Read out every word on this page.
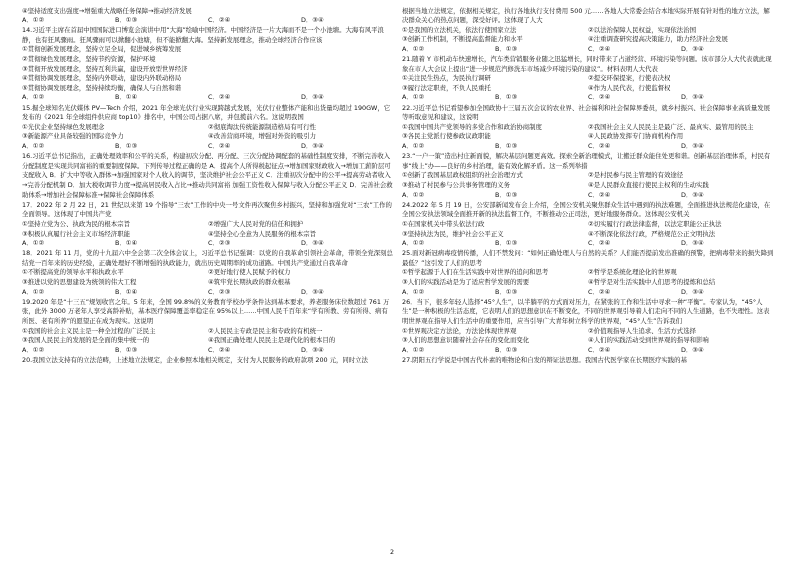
④坚持适度支出强度→增强重大战略任务保障→推动经济发展

A．①②	B．①③	C．②④	D．③④

14.习近平主席在首届中国国际进口博览会演讲中用“大海”绘喻中国经济。中国经济是一片大海而不是一个小池塘。大海有风平浪静，也有狂风骤雨。狂风骤雨可以掀翻小池塘，但不能掀翻大海。坚持新发展理念，推动全球经济合作应该

①贯彻创新发展理念，坚持立足全局，促进城乡统筹发展

②贯彻绿色发展理念，坚持节约资源，保护环境

③贯彻开放发展理念，坚持互利共赢，建设开放型世界经济

④贯彻协调发展理念，坚持内外联动，建设内外联动格局

⑤贯彻协调发展理念，坚持持续均衡，确保人与自然和谐

A．①②	B．①④	C．②④	D．③④

15.掘全球知名光伏媒体 PV—Tech 介绍，2021 年全球光伏行业实现跨越式发展，光伏行业整体产能和出货量均超过 190GW，它发布的《2021 年全球组件供应商 top10》排名中，中国公司占据八席，并包揽前六名。这说明我国

①光伏企业坚持绿色发展理念	②彻底淘汰传统能源制造格局有可行性
③新能源产业具备较强的国际竞争力	④改善营商环境，增强对外资的吸引力
A．①②	B．①③	C．②④	D．③④

16.习近平总书记指出，正确处理效率和公平的关系，构建初次分配、再分配、三次分配协调配套的基础性制度安排，不断完善收入分配制度是实现共同富裕的重要制度保障。下列传导过程正确的是 A．提高个人所得税起征点→增加国家财政收入→增加工薪阶层可支配收入 B．扩大中等收入群体→加强国家对个人收入的调节，坚决维护社会公平正义 C．注重初次分配中的公平→提高劳动者收入→完善分配机制 D．加大税收调节力度→提高居民收入占比→推动共同富裕 加强工资性收入保障与收入分配公平正义 D．完善社会救助体系→增加社会保障标准→保障社会保障体系

17．2022 年 2 月 22 日，21 世纪以来第 19 个指导“三农”工作的中央一号文件再次聚焦乡村振兴，坚持和加强党对“三农”工作的全面领导。这体现了中国共产党

①坚持立党为公、执政为民的根本宗旨	②增强广大人民对党的信任和拥护
③积极认真履行社会主义市场经济职能	④坚持全心全意为人民服务的根本宗旨
A．①②	B．①④	C．②③	D．③④

18．2021 年 11 月，党的十九届六中全会第二次全体会议上，习近平总书记强调：以党的自我革命引领社会革命，带领全党深刻总结党一百年来的历史经验，正确处理好不断增强的执政能力，就出历史周期率的成功道路。中国共产党通过自我革命

①不断提高党的领导水平和执政水平	②更好地行使人民赋予的权力
③推进以党的思想建设为统领的伟大工程	④筑牢党长期执政的群众根基
A．①②	B．①④	C．②③	D．③④

19.2020 年是“十三五”规划收官之年。5 年来，全国 99.8%的义务教育学校办学条件达到基本要求，养老服务床位数超过 761 万张，此外 3000 万老年人享受高龄补贴，基本医疗保障覆盖率稳定在 95%以上……中国人民千百年来“学有所教、劳有所得、病有所医、老有所养”的愿望正在成为现实。这说明

①我国的社会主义民主是一种全过程的广泛民主	②人民民主专政是民主和专政的有机统一
③我国人民民主的发展的是全面的集中统一的	④我国正确处理人民民主是现代化的根本目的
A．①②	B．①③	C．②④	D．③④

20.我国立法支持有的立法范畴，上述地立法规定，企业参照本地相关规定，支付为人民服务的政府款项 200 元，同时立法

根据当地立法规定，依据相关规定，执行各地执行支付费用 500 元……各地人大常委会结合本地实际开展有针对性的地方立法，解决群众关心的热点问题，深受好评。这体现了人大

①是我国的立法机关，依法行使国家立法	②以法治保障人民权益，实现依法治国
③创新工作机制，不断提高监督能力和水平	④注重调查研究提高决策能力，助力经济社会发展
A．①②	B．①③	C．②④	D．③④

21.随着 Y 市机动车快速增长，汽车类营销服务业随之迅猛增长，同时带来了占道经营、环境污染等问题。该市部分人大代表就此现象在市人大会议上提出“进一步规范汽修洗车市场减少环境污染的建议”。材料表明人大代表

①关注民生热点，为民执行调研	②提交环保提案，行使表决权
③履行法定职责，不负人民重托	④作为人民代表，行使监督权
A．①②	B．①③	C．②④	D．③④

22.习近平总书记看望参加全国政协十三届五次会议的农业界、社会福利和社会保障界委员，就乡村振兴、社会保障事业高质量发展等听取意见和建议，这说明

①我国中国共产党领导的多党合作和政治协商制度	②我国社会主义人民民主是最广泛、最真实、最管用的民主
③各民主党派行使参政议政职能	④人民政协发挥专门协商机构作用
A．①②	B．①③	C．②④	D．③④

23.“一户一策”造出村庄新面貌，解决基层问题更高效。探索全新治理模式，让搬迁群众能住处更和谐。创新基层治理体系，村民有事“线上”办——良好的乡村治理，能有效化解矛盾。这一系列举措

①创新了我国基层政权组织的社会治理方式	②是村民参与民主管理的有效途径
③推动了村民参与公共事务管理的义务	④是人民群众直接行使民主权利的生动实践
A．①②	B．①③	C．②④	D．③④

24.2022 年 5 月 19 日，公安部新闻发布会上介绍，全国公安机关聚焦群众生活中遇到的执法难题，全面推进执法规范化建设，在全国公安执法领域全面推开新的执法监督工作，不断推动公正司法，更好地服务群众。这体现公安机关

①在国家机关中带头依法行政	②切实履行行政法律监督，以法定职能公正执法
③坚持执法为民，维护社会公平正义	④不断深化依法行政，严格规范公正文明执法
A．①②	B．①③	C．②④	D．③④

25.面对新冠病毒疫情传播，人们不禁发问：“如何正确处理人与自然的关系？人们能否提前发出准确的预警，把病毒带来的损失降到最低？”这引发了人们的思考

①哲学起源于人们在生活实践中对世界的追问和思考	②哲学是系统化理论化的世界观
③人们的实践活动是为了适应哲学发展的需要	④哲学是对生活实践中人们思考的提炼和总结
A．①②	B．①③	C．②④	D．③④

26．当下，很多年轻人选择“45°人生”，以半躺平的方式面对压力，在紧张的工作和生活中寻求一种“平衡”。专家认为，“45°人生”是一种积极的生活态度，它表明人们的思想意识在不断变化，不同的世界观引导着人们走向不同的人生道路，也不失理性。这表明世界观在指导人们生活中的重要作用，应当引导广大青年树立科学的世界观，“45°人生”告诉我们

①世界观决定方法论，方法论体现世界观	②价值观指导人生追求、生活方式选择
③人们的思想意识随着社会存在的变化而变化	④人们的实践活动受到世界观的指导和影响
A．①②	B．①③	C．②④	D．③④

27.阴阳五行学说是中国古代朴素的唯物论和自发的辩证法思想。我国古代医学家在长期医疗实践的基

2
